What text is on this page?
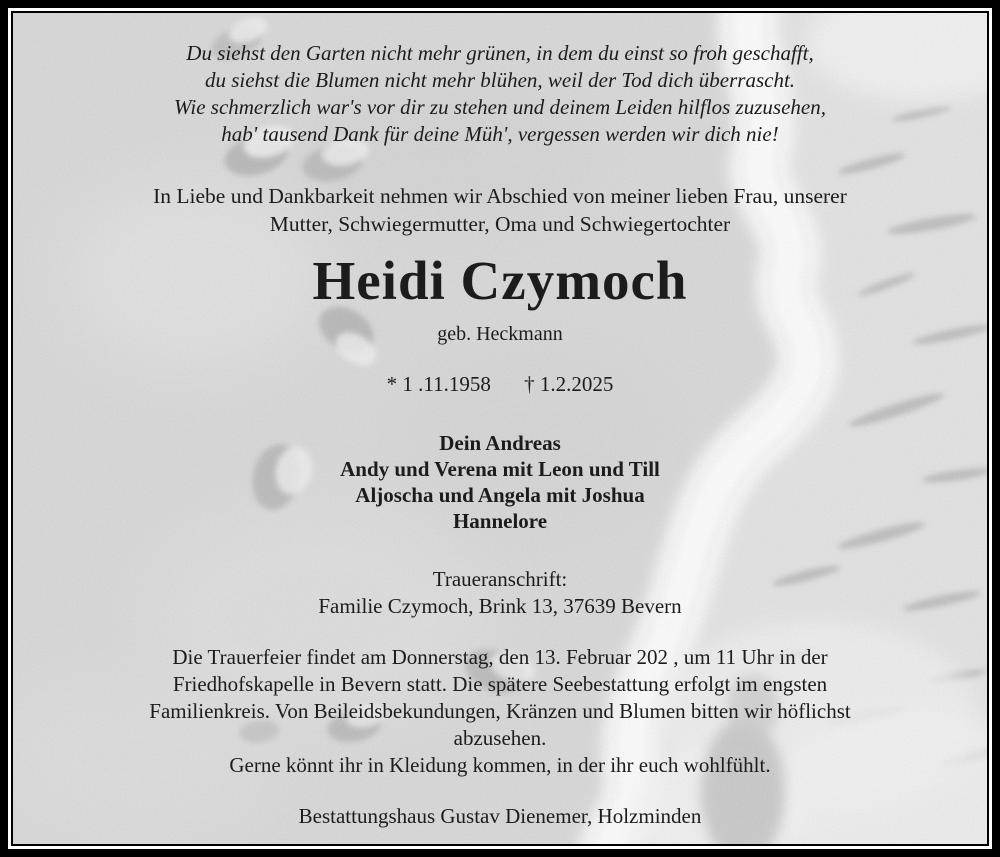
Du siehst den Garten nicht mehr grünen, in dem du einst so froh geschafft,
du siehst die Blumen nicht mehr blühen, weil der Tod dich überrascht.
Wie schmerzlich war's vor dir zu stehen und deinem Leiden hilflos zuzusehen,
hab' tausend Dank für deine Müh', vergessen werden wir dich nie!
In Liebe und Dankbarkeit nehmen wir Abschied von meiner lieben Frau, unserer
Mutter, Schwiegermutter, Oma und Schwiegertochter
Heidi Czymoch
geb. Heckmann
* 1 .11.1958 † 1.2.2025
Dein Andreas
Andy und Verena mit Leon und Till
Aljoscha und Angela mit Joshua
Hannelore
Traueranschrift:
Familie Czymoch, Brink 13, 37639 Bevern
Die Trauerfeier findet am Donnerstag, den 13. Februar 202 , um 11 Uhr in der
Friedhofskapelle in Bevern statt. Die spätere Seebestattung erfolgt im engsten
Familienkreis. Von Beileidsbekundungen, Kränzen und Blumen bitten wir höflichst
abzusehen.
Gerne könnt ihr in Kleidung kommen, in der ihr euch wohlfühlt.
Bestattungshaus Gustav Dienemer, Holzminden
